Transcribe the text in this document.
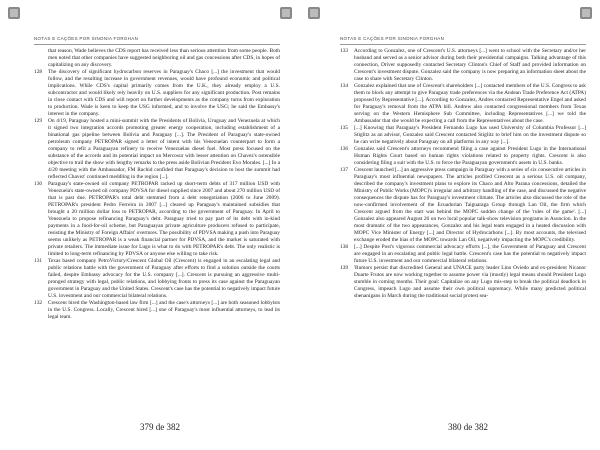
NOTAS E CAÇÕES POR SINONIA FORGHAN
that reason, Wade believes the CDS report has received less than serious attention from some people. Both men noted that other companies have suggested neighboring oil and gas concessions after CDS, in hopes of capitalizing on any discovery.
128	The discovery of significant hydrocarbon reserves in Paraguay's Chaco [...] the investment that would follow, and the resulting increase in government revenues, would have profound economic and political implications. While CDS's capital primarily comes from the U.K., they already employ a U.S. subcontractor and would likely rely heavily on U.S. suppliers for any significant production. Post remains in close contact with CDS and will report on further developments as the company turns from exploration to production. Wade is keen to keep the USG informed, and to involve the USG; he said the Embassy's interest in the company.
129	On 4/19, Paraguay hosted a mini-summit with the Presidents of Bolivia, Uruguay and Venezuela at which it signed two integration accords promoting greater energy cooperation, including establishment of a binational gas pipeline between Bolivia and Paraguay [...]. The President of Paraguay's state-owned petroleum company PETROPAR signed a letter of intent with his Venezuelan counterpart to form a company to refit a Paraguayan refinery to receive Venezuelan diesel fuel. Most press focused on the substance of the accords and its potential impact on Mercosur with lesser attention on Chavez's ostensible objective to trail the show with lengthy remarks to the press aside Bolivian President Evo Morales. [...] In a 4/20 meeting with the Ambassador, FM Rachid confided that Paraguay's decision to host the summit had reflected Chavez' continued meddling in the region [...].
130	Paraguay's state-owned oil company PETROPAR racked up short-term debts of 317 million USD with Venezuela's state-owned oil company PDVSA for diesel supplied since 2007 and about 270 million USD of that is past due. PETROPAR's total debt stemmed from a debt renegotiation (2006 to June 2009). PETROPAR's president Pedro Ferreira in 2007 [...] cleared up Paraguay's maintained subsidies that brought a 20 million dollar loss to PETROPAR, according to the government of Paraguay. In April to Venezuela to propose refinancing Paraguay's debt. Paraguay tried to pay part of its debt with in-kind payments in a food-for-oil scheme, but Paraguayan private agriculture producers refused to participate, resisting the Ministry of Foreign Affairs' overtures. The possibility of PDVSA making a push into Paraguay seems unlikely as PETROPAR is a weak financial partner for PDVSA, and the market is saturated with private retailers. The immediate issue for Lugo is what to do with PETROPAR's debt. The only realistic is limited to long-term refinancing by PDVSA or anyone else willing to take risk.
131	Texas based company PetroVictory/Crescent Global Oil (Crescent) is engaged in an escalating legal and public relations battle with the government of Paraguay after efforts to find a solution outside the courts failed, despite Embassy advocacy for the U.S. company [...]. Crescent is pursuing an aggressive multi-pronged strategy with legal, public relations, and lobbying fronts to press its case against the Paraguayan government in Paraguay and the United States. Crescent's case has the potential to negatively impact future U.S. investment and our commercial bilateral relations.
132	Crescent hired the Washington-based law firm [...] and the case's attorneys [...] are both seasoned lobbyists in the U.S. Congress. Locally, Crescent hired [...] one of Paraguay's most influential attorneys, to lead its legal team.
379 de 382
NOTAS E CAÇÕES POR SINONIA FORGHAN
133	According to Gonzalez, one of Crescent's U.S. attorneys [...] went to school with the Secretary and/or her husband and served as a senior advisor during both their presidential campaigns. Talking advantage of this connection, Driver supposedly contacted Secretary Clinton's Chief of Staff and provided information on Crescent's investment dispute. Gonzalez said the company is now preparing an information sheet about the case to share with Secretary Clinton.
134	Gonzalez explained that one of Crescent's shareholders [...] contacted members of the U.S. Congress to ask them to block any attempt to give Paraguay trade preferences via the Andean Trade Preference Act (ATPA) proposed by Representative [...]. According to Gonzalez, Andres contacted Representative Engel and asked for Paraguay's removal from the ATPA bill. Andrew also contacted congressional members from Texas serving on the Western Hemisphere Sub Committee, including Representatives [...] we told the Ambassador that she would be expecting a call from the Representatives about the case.
135	[...] Knowing that Paraguay's President Fernando Lugo has used University of Columbia Professor [...] Stiglitz as an advisor, Gonzalez said Crescent contacted Stiglitz to brief him on the investment dispute so he can write negatively about Paraguay on all platforms in any way [...].
136	Gonzalez said Crescent's attorneys recommend filing a case against President Lugo in the International Human Rights Court based on human rights violations related to property rights. Crescent is also considering filing a suit with the U.S. to force the Paraguayan government's assets in U.S. banks.
137	Crescent launched [...] an aggressive press campaign in Paraguay with a series of six consecutive articles in Paraguay's most influential newspapers. The articles profiled Crescent as a serious U.S. oil company, described the company's investment plans to explore its Chaco and Alto Parana concessions, detailed the Ministry of Public Works (MOPC)'s irregular and arbitrary handling of the case, and discussed the negative consequences the dispute has for Paraguay's investment climate. The articles also discussed the role of the now-confirmed involvement of the Ecuadorian Taiguaraga Group through Lan Oil, the firm which Crescent argued from the start was behind the MOPC sudden change of the 'rules of the game'. [...] Gonzalez also appeared August 26 on two local popular talk-show television programs in Asuncion. In the most dramatic of the two appearances, Gonzalez and his legal team engaged in a heated discussion with MOPC Vice Minister of Energy [...] and Director of Hydrocarbons [...]. By most accounts, the televised exchange eroded the bias of the MOPC towards Lan Oil, negatively impacting the MOPC's credibility.
138	[...] Despite Post's vigorous commercial advocacy efforts [...], the Government of Paraguay and Crescent are engaged in an escalating and public legal battle. Crescent's case has the potential to negatively impact future U.S. investment and our commercial bilateral relations.
139	'Rumors persist that discredited General and UNACE party leader Lino Oviedo and ex-president Nicanor Duarte Frutos are now working together to assume power via (mostly) legal means should President Lugo stumble in coming months. Their goal: Capitalize on any Lugo mis-step to break the political deadlock in Congress, impeach Lugo and assume their own political supremacy. While many predicted political shenanigans in March during the traditional social protest sea-
380 de 382
